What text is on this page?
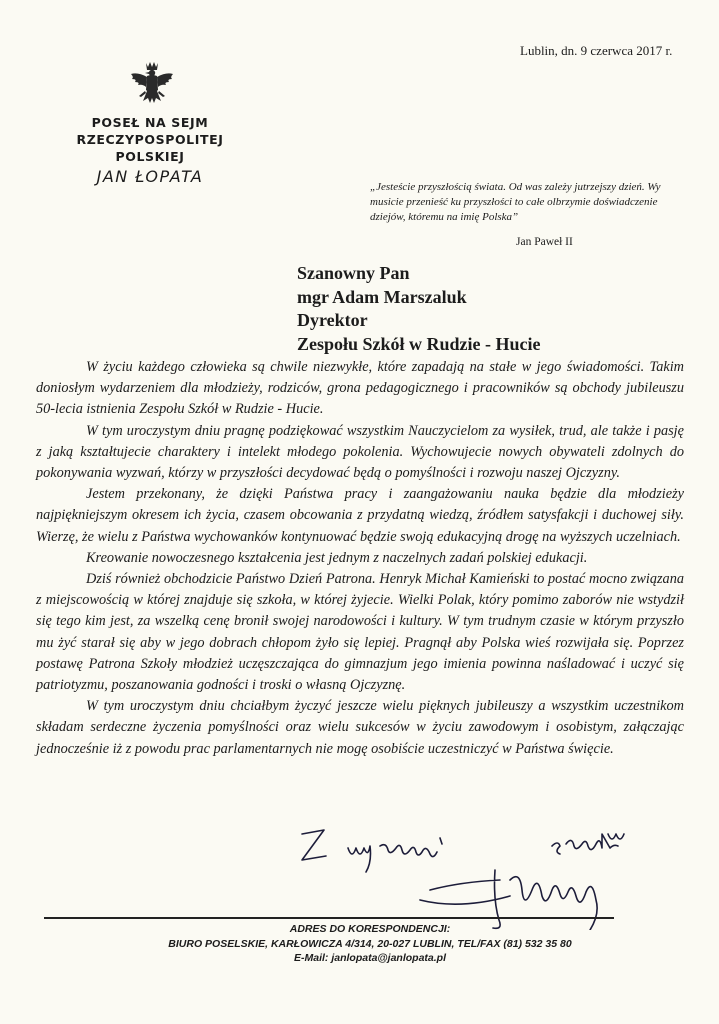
Lublin, dn. 9 czerwca 2017 r.
POSEŁ NA SEJM
RZECZYPOSPOLITEJ POLSKIEJ
JAN ŁOPATA
„Jesteście przyszłością świata. Od was zależy jutrzejszy dzień. Wy musicie przenieść ku przyszłości to całe olbrzymie doświadczenie dziejów, któremu na imię Polska”
Jan Paweł II
Szanowny Pan
mgr Adam Marszaluk
Dyrektor
Zespołu Szkół w Rudzie - Hucie

W życiu każdego człowieka są chwile niezwykłe, które zapadają na stałe w jego świadomości. Takim doniosłym wydarzeniem dla młodzieży, rodziców, grona pedagogicznego i pracowników są obchody jubileuszu 50-lecia istnienia Zespołu Szkół w Rudzie - Hucie.

W tym uroczystym dniu pragnę podziękować wszystkim Nauczycielom za wysiłek, trud, ale także i pasję z jaką kształtujecie charaktery i intelekt młodego pokolenia. Wychowujecie nowych obywateli zdolnych do pokonywania wyzwań, którzy w przyszłości decydować będą o pomyślności i rozwoju naszej Ojczyzny.

Jestem przekonany, że dzięki Państwa pracy i zaangażowaniu nauka będzie dla młodzieży najpiękniejszym okresem ich życia, czasem obcowania z przydatną wiedzą, źródłem satysfakcji i duchowej siły. Wierzę, że wielu z Państwa wychowanków kontynuować będzie swoją edukacyjną drogę na wyższych uczelniach.

Kreowanie nowoczesnego kształcenia jest jednym z naczelnych zadań polskiej edukacji.

Dziś również obchodzicie Państwo Dzień Patrona. Henryk Michał Kamieński to postać mocno związana z miejscowością w której znajduje się szkoła, w której żyjecie. Wielki Polak, który pomimo zaborów nie wstydził się tego kim jest, za wszelką cenę bronił swojej narodowości i kultury. W tym trudnym czasie w którym przyszło mu żyć starał się aby w jego dobrach chłopom żyło się lepiej. Pragnął aby Polska wieś rozwijała się. Poprzez postawę Patrona Szkoły młodzież uczęszczająca do gimnazjum jego imienia powinna naśladować i uczyć się patriotyzmu, poszanowania godności i troski o własną Ojczyznę.

W tym uroczystym dniu chciałbym życzyć jeszcze wielu pięknych jubileuszy a wszystkim uczestnikom składam serdeczne życzenia pomyślności oraz wielu sukcesów w życiu zawodowym i osobistym, załączając jednocześnie iż z powodu prac parlamentarnych nie mogę osobiście uczestniczyć w Państwa święcie.

ADRES DO KORESPONDENCJI:
BIURO POSELSKIE, KARŁOWICZA 4/314, 20-027 LUBLIN, TEL/FAX (81) 532 35 80
E-Mail: janlopata@janlopata.pl
